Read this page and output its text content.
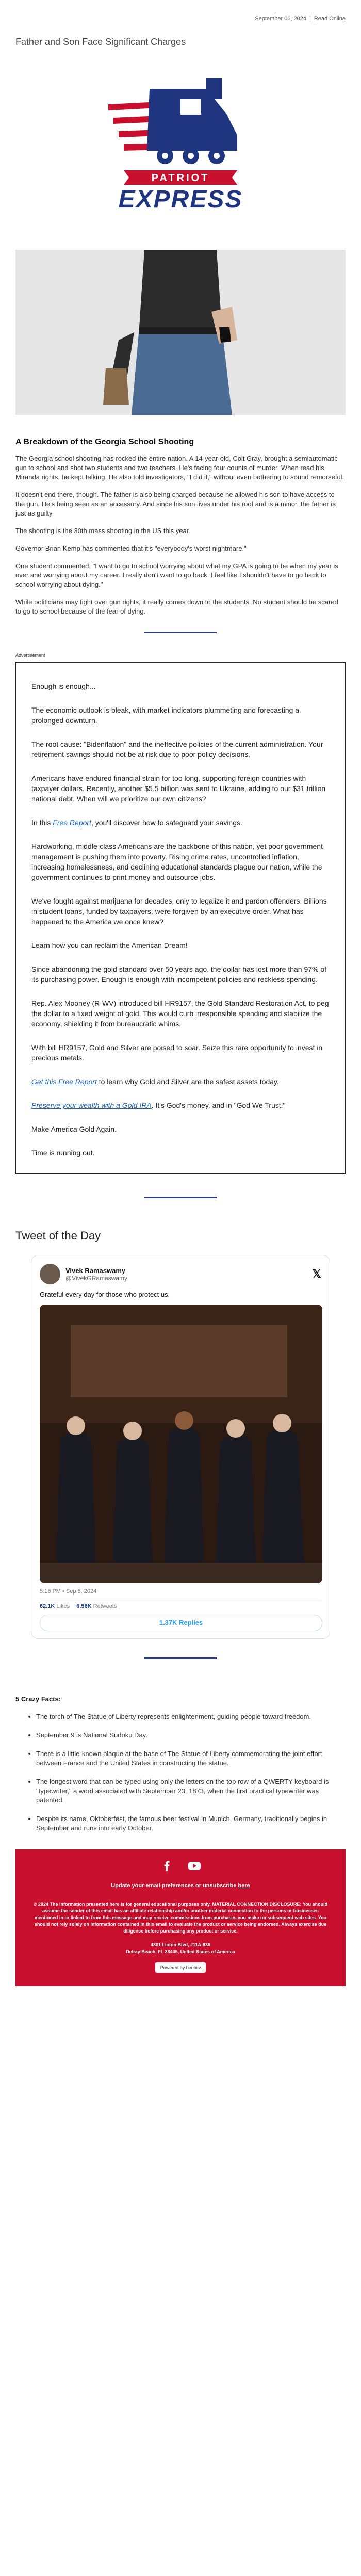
September 06, 2024 | Read Online
Father and Son Face Significant Charges
PATRIOT
EXPRESS
A Breakdown of the Georgia School Shooting

The Georgia school shooting has rocked the entire nation. A 14-year-old, Colt Gray, brought a semiautomatic gun to school and shot two students and two teachers. He's facing four counts of murder. When read his Miranda rights, he kept talking. He also told investigators, "I did it," without even bothering to sound remorseful.

It doesn't end there, though. The father is also being charged because he allowed his son to have access to the gun. He's being seen as an accessory. And since his son lives under his roof and is a minor, the father is just as guilty.

The shooting is the 30th mass shooting in the US this year.

Governor Brian Kemp has commented that it's "everybody's worst nightmare."

One student commented, "I want to go to school worrying about what my GPA is going to be when my year is over and worrying about my career. I really don't want to go back. I feel like I shouldn't have to go back to school worrying about dying."

While politicians may fight over gun rights, it really comes down to the students. No student should be scared to go to school because of the fear of dying.

Advertisement

Enough is enough...

The economic outlook is bleak, with market indicators plummeting and forecasting a prolonged downturn.

The root cause: "Bidenflation" and the ineffective policies of the current administration. Your retirement savings should not be at risk due to poor policy decisions.

Americans have endured financial strain for too long, supporting foreign countries with taxpayer dollars. Recently, another $5.5 billion was sent to Ukraine, adding to our $31 trillion national debt. When will we prioritize our own citizens?

In this Free Report, you'll discover how to safeguard your savings.

Hardworking, middle-class Americans are the backbone of this nation, yet poor government management is pushing them into poverty. Rising crime rates, uncontrolled inflation, increasing homelessness, and declining educational standards plague our nation, while the government continues to print money and outsource jobs.

We've fought against marijuana for decades, only to legalize it and pardon offenders. Billions in student loans, funded by taxpayers, were forgiven by an executive order. What has happened to the America we once knew?

Learn how you can reclaim the American Dream!

Since abandoning the gold standard over 50 years ago, the dollar has lost more than 97% of its purchasing power. Enough is enough with incompetent policies and reckless spending.

Rep. Alex Mooney (R-WV) introduced bill HR9157, the Gold Standard Restoration Act, to peg the dollar to a fixed weight of gold. This would curb irresponsible spending and stabilize the economy, shielding it from bureaucratic whims.

With bill HR9157, Gold and Silver are poised to soar. Seize this rare opportunity to invest in precious metals.

Get this Free Report to learn why Gold and Silver are the safest assets today.

Preserve your wealth with a Gold IRA. It's God's money, and in "God We Trust!"

Make America Gold Again.

Time is running out.

Tweet of the Day
Vivek Ramaswamy
@VivekGRamaswamy	𝕏
Grateful every day for those who protect us.
5:16 PM • Sep 5, 2024
62.1K Likes 6.56K Retweets
1.37K Replies
5 Crazy Facts:
• The torch of The Statue of Liberty represents enlightenment, guiding people toward freedom.
• September 9 is National Sudoku Day.
• There is a little-known plaque at the base of The Statue of Liberty commemorating the joint effort between France and the United States in constructing the statue.
• The longest word that can be typed using only the letters on the top row of a QWERTY keyboard is "typewriter," a word associated with September 23, 1873, when the first practical typewriter was patented.
• Despite its name, Oktoberfest, the famous beer festival in Munich, Germany, traditionally begins in September and runs into early October.
Update your email preferences or unsubscribe here
© 2024 The information presented here is for general educational purposes only. MATERIAL CONNECTION DISCLOSURE: You should assume the sender of this email has an affiliate relationship and/or another material connection to the persons or businesses mentioned in or linked to from this message and may receive commissions from purchases you make on subsequent web sites. You should not rely solely on information contained in this email to evaluate the product or service being endorsed. Always exercise due diligence before purchasing any product or service.
4801 Linton Blvd, #11A-836
Delray Beach, FL 33445, United States of America
Powered by beehiiv
